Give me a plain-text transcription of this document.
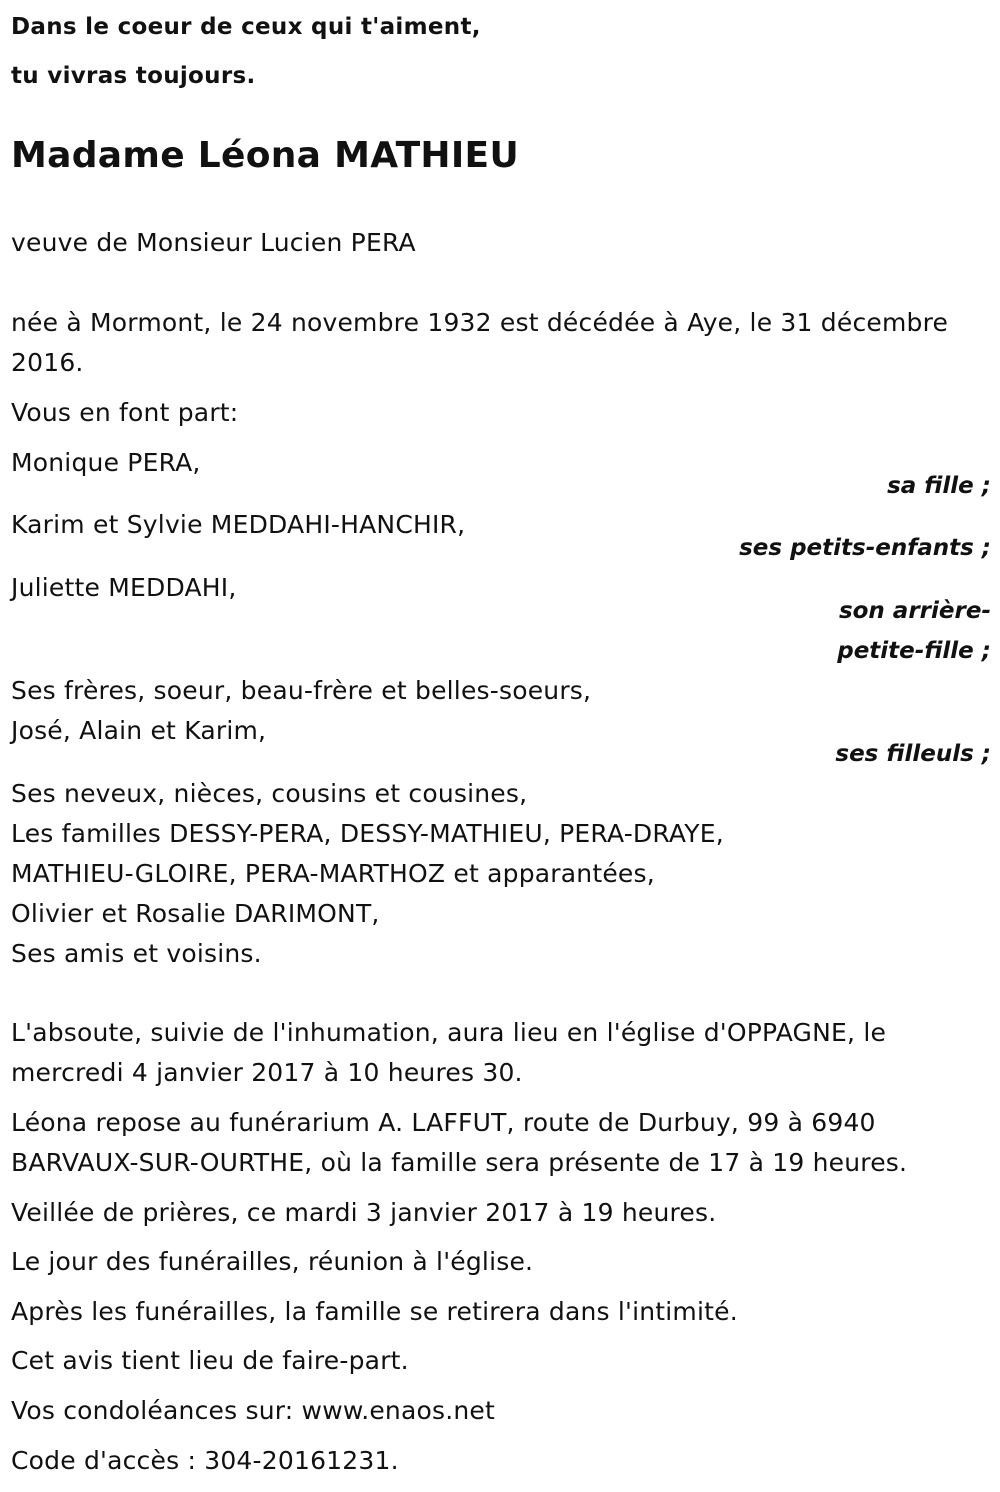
Dans le coeur de ceux qui t'aiment,
tu vivras toujours.
Madame Léona MATHIEU
veuve de Monsieur Lucien PERA
née à Mormont, le 24 novembre 1932 est décédée à Aye, le 31 décembre
2016.
Vous en font part:
Monique PERA,
sa fille ;
Karim et Sylvie MEDDAHI-HANCHIR,
ses petits-enfants ;
Juliette MEDDAHI,
son arrière-
petite-fille ;
Ses frères, soeur, beau-frère et belles-soeurs,
José, Alain et Karim,
ses filleuls ;
Ses neveux, nièces, cousins et cousines,
Les familles DESSY-PERA, DESSY-MATHIEU, PERA-DRAYE,
MATHIEU-GLOIRE, PERA-MARTHOZ et apparantées,
Olivier et Rosalie DARIMONT,
Ses amis et voisins.
L'absoute, suivie de l'inhumation, aura lieu en l'église d'OPPAGNE, le
mercredi 4 janvier 2017 à 10 heures 30.
Léona repose au funérarium A. LAFFUT, route de Durbuy, 99 à 6940
BARVAUX-SUR-OURTHE, où la famille sera présente de 17 à 19 heures.
Veillée de prières, ce mardi 3 janvier 2017 à 19 heures.
Le jour des funérailles, réunion à l'église.
Après les funérailles, la famille se retirera dans l'intimité.
Cet avis tient lieu de faire-part.
Vos condoléances sur: www.enaos.net
Code d'accès : 304-20161231.
